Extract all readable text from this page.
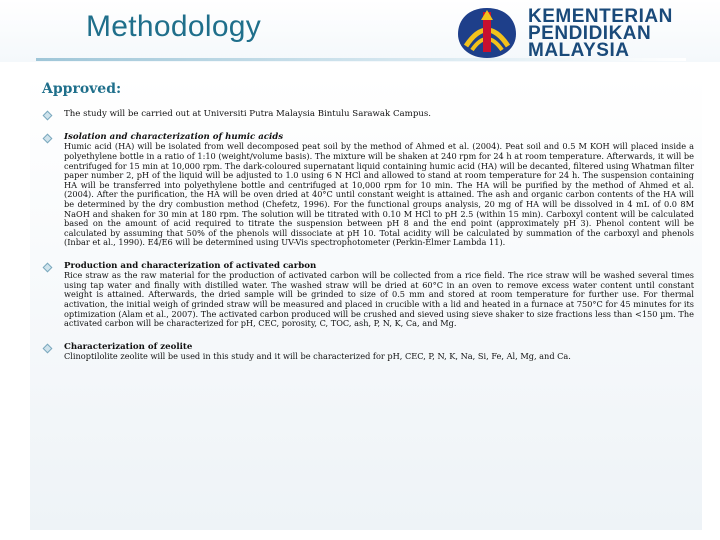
Methodology	KEMENTERIAN
PENDIDIKAN
MALAYSIA
Approved:
The study will be carried out at Universiti Putra Malaysia Bintulu Sarawak Campus.
Isolation and characterization of humic acids
Humic acid (HA) will be isolated from well decomposed peat soil by the method of Ahmed et al. (2004). Peat soil and 0.5 M KOH will placed inside a polyethylene bottle in a ratio of 1:10 (weight/volume basis). The mixture will be shaken at 240 rpm for 24 h at room temperature. Afterwards, it will be centrifuged for 15 min at 10,000 rpm. The dark-coloured supernatant liquid containing humic acid (HA) will be decanted, filtered using Whatman filter paper number 2, pH of the liquid will be adjusted to 1.0 using 6 N HCl and allowed to stand at room temperature for 24 h. The suspension containing HA will be transferred into polyethylene bottle and centrifuged at 10,000 rpm for 10 min. The HA will be purified by the method of Ahmed et al. (2004). After the purification, the HA will be oven dried at 40°C until constant weight is attained. The ash and organic carbon contents of the HA will be determined by the dry combustion method (Chefetz, 1996). For the functional groups analysis, 20 mg of HA will be dissolved in 4 mL of 0.0 8M NaOH and shaken for 30 min at 180 rpm. The solution will be titrated with 0.10 M HCl to pH 2.5 (within 15 min). Carboxyl content will be calculated based on the amount of acid required to titrate the suspension between pH 8 and the end point (approximately pH 3). Phenol content will be calculated by assuming that 50% of the phenols will dissociate at pH 10. Total acidity will be calculated by summation of the carboxyl and phenols (Inbar et al., 1990). E4/E6 will be determined using UV-Vis spectrophotometer (Perkin-Elmer Lambda 11).
Production and characterization of activated carbon
Rice straw as the raw material for the production of activated carbon will be collected from a rice field. The rice straw will be washed several times using tap water and finally with distilled water. The washed straw will be dried at 60°C in an oven to remove excess water content until constant weight is attained. Afterwards, the dried sample will be grinded to size of 0.5 mm and stored at room temperature for further use. For thermal activation, the initial weigh of grinded straw will be measured and placed in crucible with a lid and heated in a furnace at 750°C for 45 minutes for its optimization (Alam et al., 2007). The activated carbon produced will be crushed and sieved using sieve shaker to size fractions less than <150 µm. The activated carbon will be characterized for pH, CEC, porosity, C, TOC, ash, P, N, K, Ca, and Mg.
Characterization of zeolite
Clinoptilolite zeolite will be used in this study and it will be characterized for pH, CEC, P, N, K, Na, Si, Fe, Al, Mg, and Ca.
